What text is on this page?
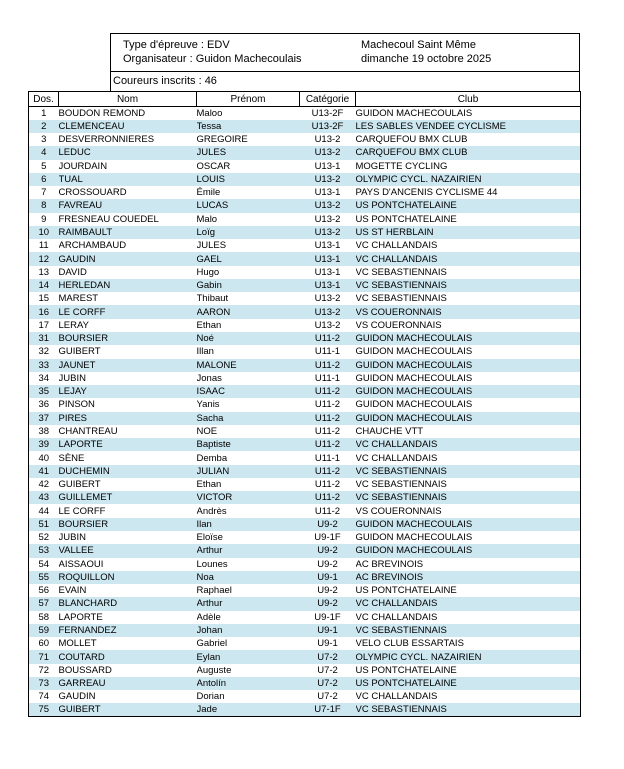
Type d'épreuve : EDV
Organisateur : Guidon Machecoulais
Machecoul Saint Même
dimanche 19 octobre 2025
Coureurs inscrits : 46
Dos.	Nom	Prénom	Catégorie	Club
1	BOUDON REMOND	Maloo	U13-2F	GUIDON MACHECOULAIS
2	CLEMENCEAU	Tessa	U13-2F	LES SABLES VENDEE CYCLISME
3	DESVERRONNIERES	GREGOIRE	U13-2	CARQUEFOU BMX CLUB
4	LEDUC	JULES	U13-2	CARQUEFOU BMX CLUB
5	JOURDAIN	OSCAR	U13-1	MOGETTE CYCLING
6	TUAL	LOUIS	U13-2	OLYMPIC CYCL. NAZAIRIEN
7	CROSSOUARD	Émile	U13-1	PAYS D'ANCENIS CYCLISME 44
8	FAVREAU	LUCAS	U13-2	US PONTCHATELAINE
9	FRESNEAU COUEDEL	Malo	U13-2	US PONTCHATELAINE
10	RAIMBAULT	Loïg	U13-2	US ST HERBLAIN
11	ARCHAMBAUD	JULES	U13-1	VC CHALLANDAIS
12	GAUDIN	GAEL	U13-1	VC CHALLANDAIS
13	DAVID	Hugo	U13-1	VC SEBASTIENNAIS
14	HERLEDAN	Gabin	U13-1	VC SEBASTIENNAIS
15	MAREST	Thibaut	U13-2	VC SEBASTIENNAIS
16	LE CORFF	AARON	U13-2	VS COUERONNAIS
17	LERAY	Ethan	U13-2	VS COUERONNAIS
31	BOURSIER	Noé	U11-2	GUIDON MACHECOULAIS
32	GUIBERT	Illan	U11-1	GUIDON MACHECOULAIS
33	JAUNET	MALONE	U11-2	GUIDON MACHECOULAIS
34	JUBIN	Jonas	U11-1	GUIDON MACHECOULAIS
35	LEJAY	ISAAC	U11-2	GUIDON MACHECOULAIS
36	PINSON	Yanis	U11-2	GUIDON MACHECOULAIS
37	PIRES	Sacha	U11-2	GUIDON MACHECOULAIS
38	CHANTREAU	NOE	U11-2	CHAUCHE VTT
39	LAPORTE	Baptiste	U11-2	VC CHALLANDAIS
40	SÈNE	Demba	U11-1	VC CHALLANDAIS
41	DUCHEMIN	JULIAN	U11-2	VC SEBASTIENNAIS
42	GUIBERT	Ethan	U11-2	VC SEBASTIENNAIS
43	GUILLEMET	VICTOR	U11-2	VC SEBASTIENNAIS
44	LE CORFF	Andrès	U11-2	VS COUERONNAIS
51	BOURSIER	Ilan	U9-2	GUIDON MACHECOULAIS
52	JUBIN	Eloïse	U9-1F	GUIDON MACHECOULAIS
53	VALLEE	Arthur	U9-2	GUIDON MACHECOULAIS
54	AISSAOUI	Lounes	U9-2	AC BREVINOIS
55	ROQUILLON	Noa	U9-1	AC BREVINOIS
56	EVAIN	Raphael	U9-2	US PONTCHATELAINE
57	BLANCHARD	Arthur	U9-2	VC CHALLANDAIS
58	LAPORTE	Adèle	U9-1F	VC CHALLANDAIS
59	FERNANDEZ	Johan	U9-1	VC SEBASTIENNAIS
60	MOLLET	Gabriel	U9-1	VELO CLUB ESSARTAIS
71	COUTARD	Eylan	U7-2	OLYMPIC CYCL. NAZAIRIEN
72	BOUSSARD	Auguste	U7-2	US PONTCHATELAINE
73	GARREAU	Antolín	U7-2	US PONTCHATELAINE
74	GAUDIN	Dorian	U7-2	VC CHALLANDAIS
75	GUIBERT	Jade	U7-1F	VC SEBASTIENNAIS
